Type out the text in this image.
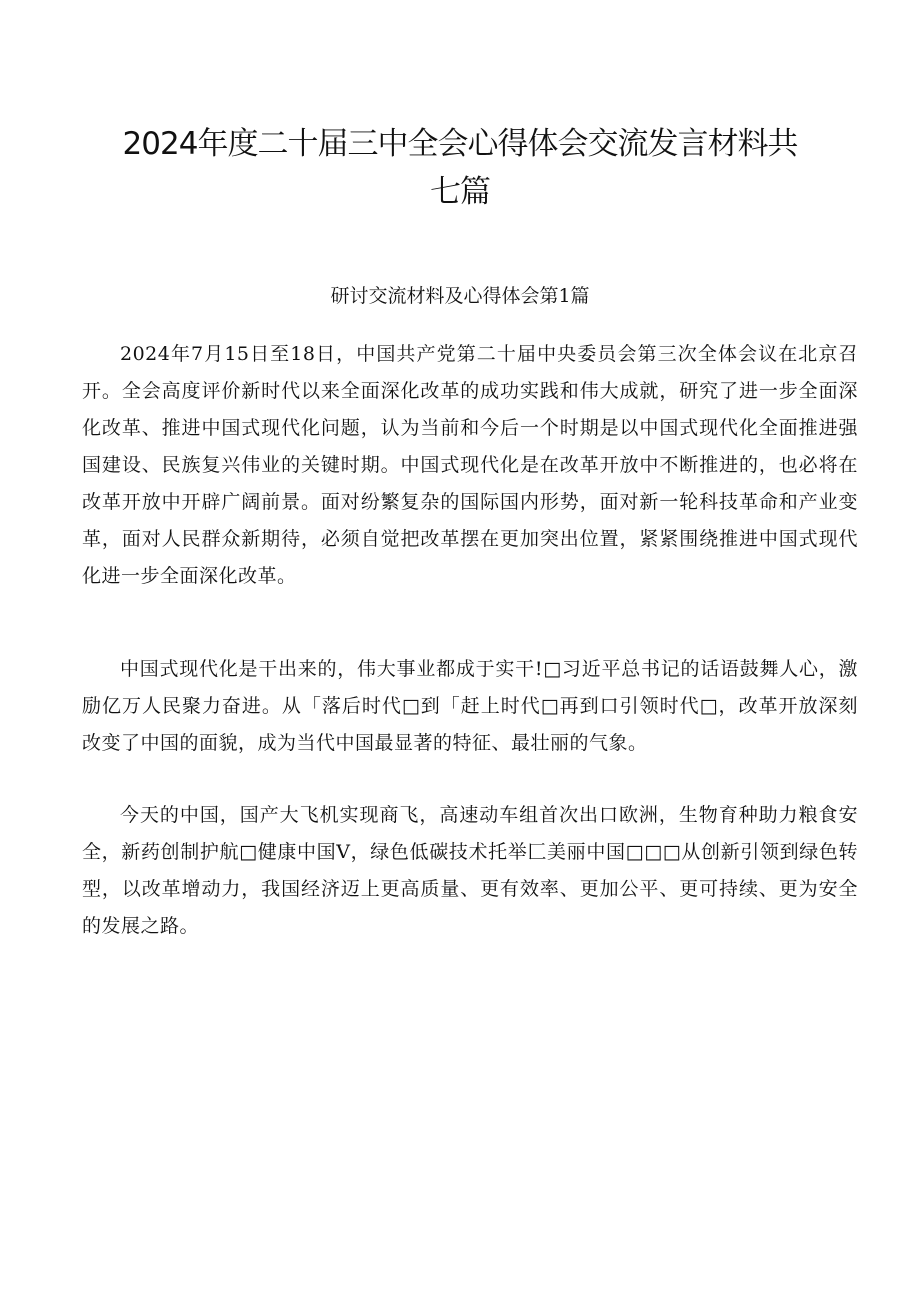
2024年度二十届三中全会心得体会交流发言材料共七篇
研讨交流材料及心得体会第1篇

2024年7月15日至18日，中国共产党第二十届中央委员会第三次全体会议在北京召开。全会高度评价新时代以来全面深化改革的成功实践和伟大成就，研究了进一步全面深化改革、推进中国式现代化问题，认为当前和今后一个时期是以中国式现代化全面推进强国建设、民族复兴伟业的关键时期。中国式现代化是在改革开放中不断推进的，也必将在改革开放中开辟广阔前景。面对纷繁复杂的国际国内形势，面对新一轮科技革命和产业变革，面对人民群众新期待，必须自觉把改革摆在更加突出位置，紧紧围绕推进中国式现代化进一步全面深化改革。

中国式现代化是干出来的，伟大事业都成于实干!□习近平总书记的话语鼓舞人心，激励亿万人民聚力奋进。从「落后时代□到「赶上时代□再到口引领时代□，改革开放深刻改变了中国的面貌，成为当代中国最显著的特征、最壮丽的气象。

今天的中国，国产大飞机实现商飞，高速动车组首次出口欧洲，生物育种助力粮食安全，新药创制护航□健康中国V，绿色低碳技术托举匚美丽中国□□□从创新引领到绿色转型，以改革增动力，我国经济迈上更高质量、更有效率、更加公平、更可持续、更为安全的发展之路。
